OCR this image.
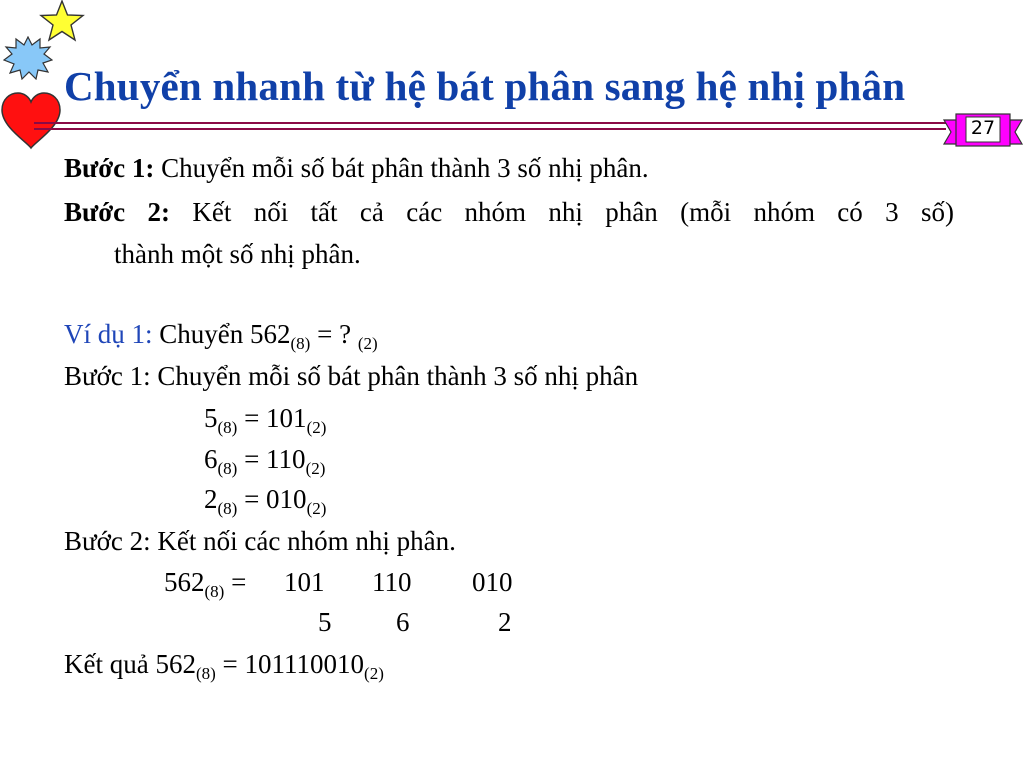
Chuyển nhanh từ hệ bát phân sang hệ nhị phân
27
Bước 1: Chuyển mỗi số bát phân thành 3 số nhị phân.
Bước 2: Kết nối tất cả các nhóm nhị phân (mỗi nhóm có 3 số)
thành một số nhị phân.
Ví dụ 1: Chuyển $562_{(8)}$ = ? $_{(2)}$
Bước 1: Chuyển mỗi số bát phân thành 3 số nhị phân
$5_{(8)} = 101_{(2)}$
$6_{(8)} = 110_{(2)}$
$2_{(8)} = 010_{(2)}$
Bước 2: Kết nối các nhóm nhị phân.
$562_{(8)} = 101$ 110 010
5 6	2
Kết quả $562_{(8)} = 101110010_{(2)}$
